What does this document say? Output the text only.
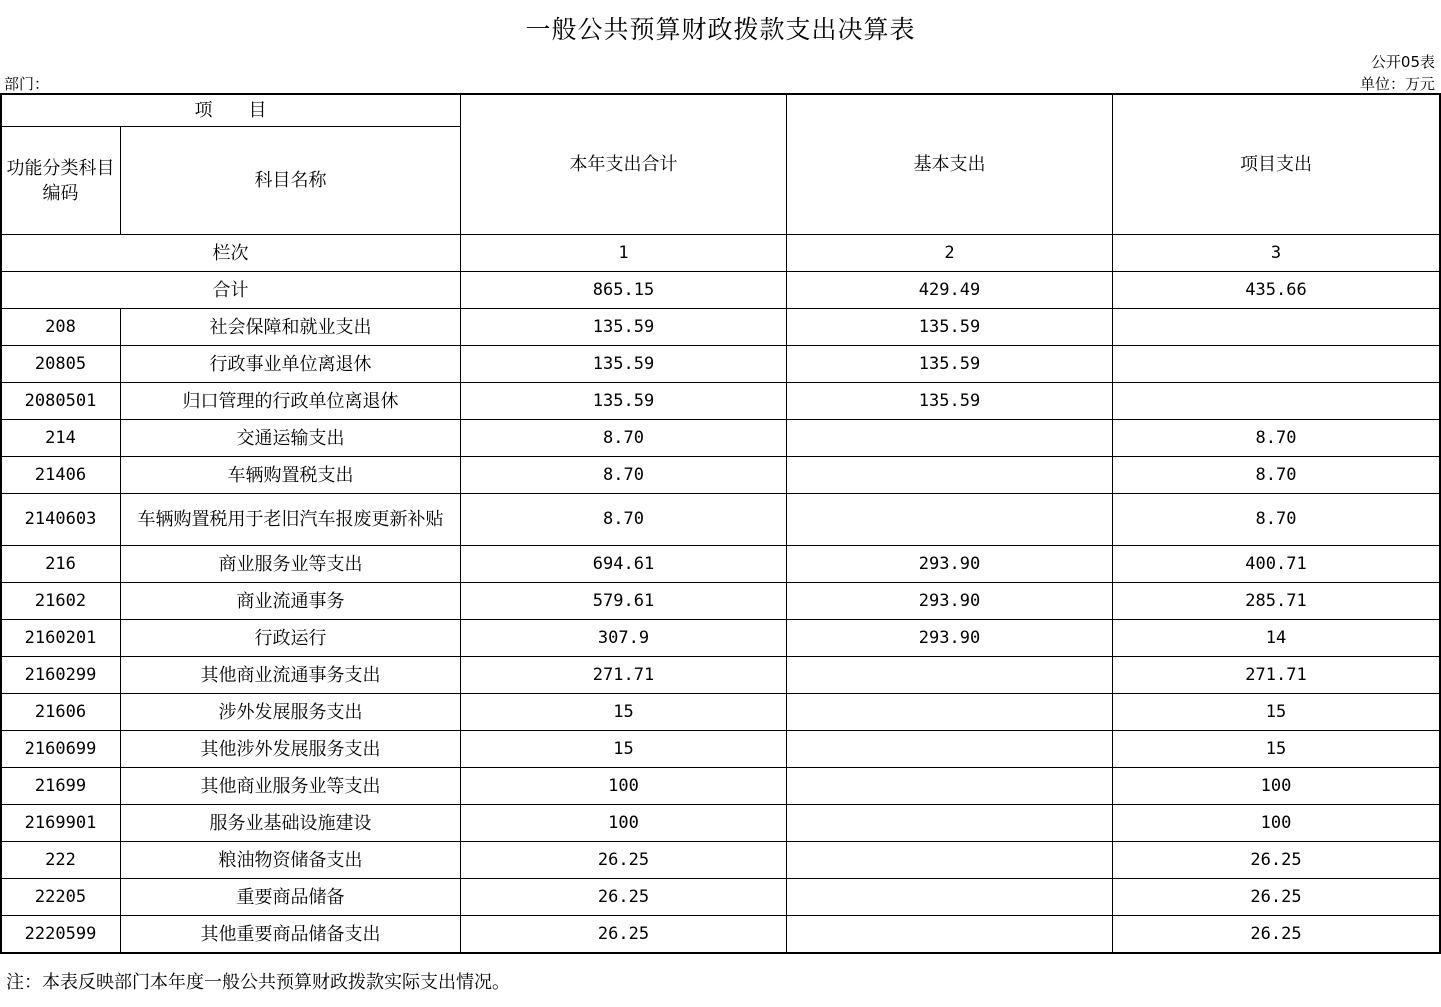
一般公共预算财政拨款支出决算表
公开05表
部门：	单位：万元
项　　目		本年支出合计	基本支出	项目支出
功能分类科目编码	科目名称			
栏次		1	2	3
合计		865.15	429.49	435.66
208	社会保障和就业支出	135.59	135.59	
20805	行政事业单位离退休	135.59	135.59	
2080501	归口管理的行政单位离退休	135.59	135.59	
214	交通运输支出	8.70		8.70
21406	车辆购置税支出	8.70		8.70
2140603	车辆购置税用于老旧汽车报废更新补贴	8.70		8.70
216	商业服务业等支出	694.61	293.90	400.71
21602	商业流通事务	579.61	293.90	285.71
2160201	行政运行	307.9	293.90	14
2160299	其他商业流通事务支出	271.71		271.71
21606	涉外发展服务支出	15		15
2160699	其他涉外发展服务支出	15		15
21699	其他商业服务业等支出	100		100
2169901	服务业基础设施建设	100		100
222	粮油物资储备支出	26.25		26.25
22205	重要商品储备	26.25		26.25
2220599	其他重要商品储备支出	26.25		26.25
注：本表反映部门本年度一般公共预算财政拨款实际支出情况。
